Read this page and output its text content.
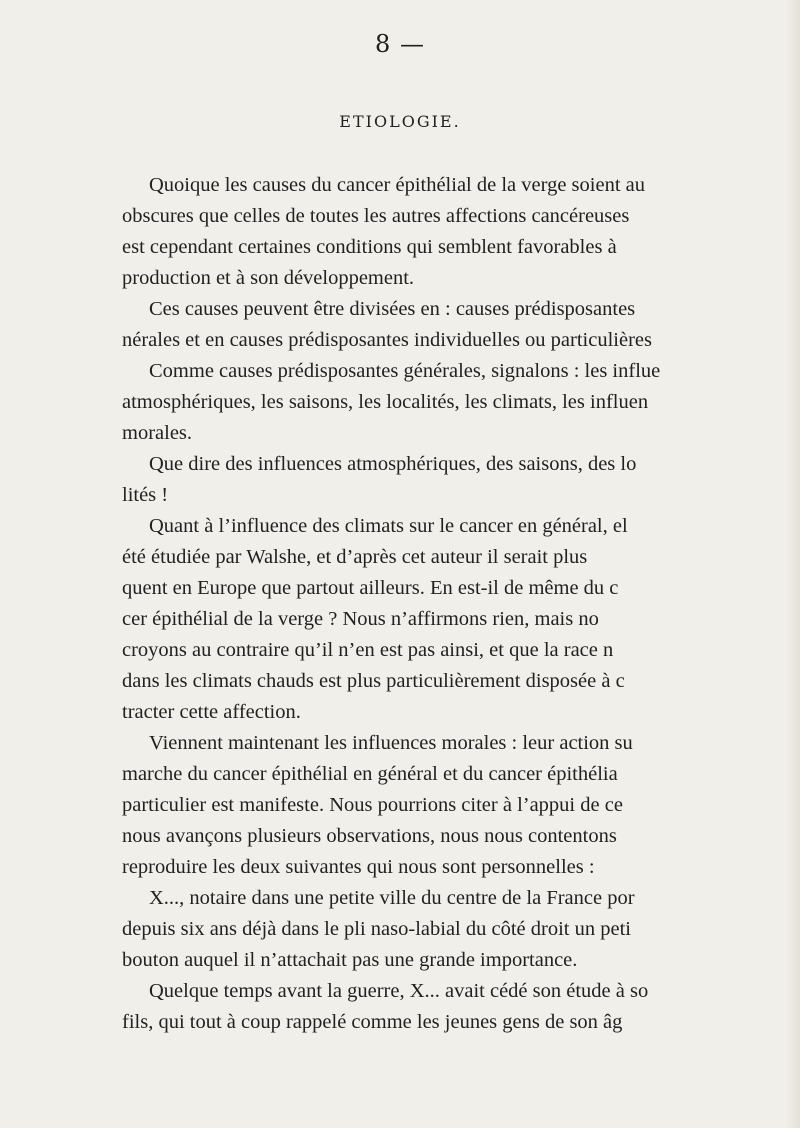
8 —
ETIOLOGIE.
Quoique les causes du cancer épithélial de la verge soient au
obscures que celles de toutes les autres affections cancéreuses
est cependant certaines conditions qui semblent favorables à
production et à son développement.
Ces causes peuvent être divisées en : causes prédisposantes
nérales et en causes prédisposantes individuelles ou particulières
Comme causes prédisposantes générales, signalons : les influe
atmosphériques, les saisons, les localités, les climats, les influen
morales.
Que dire des influences atmosphériques, des saisons, des lo
lités !
Quant à l’influence des climats sur le cancer en général, el
été étudiée par Walshe, et d’après cet auteur il serait plus
quent en Europe que partout ailleurs. En est-il de même du c
cer épithélial de la verge ? Nous n’affirmons rien, mais no
croyons au contraire qu’il n’en est pas ainsi, et que la race n
dans les climats chauds est plus particulièrement disposée à c
tracter cette affection.
Viennent maintenant les influences morales : leur action su
marche du cancer épithélial en général et du cancer épithélia
particulier est manifeste. Nous pourrions citer à l’appui de ce
nous avançons plusieurs observations, nous nous contentons
reproduire les deux suivantes qui nous sont personnelles :
X..., notaire dans une petite ville du centre de la France por
depuis six ans déjà dans le pli naso-labial du côté droit un peti
bouton auquel il n’attachait pas une grande importance.
Quelque temps avant la guerre, X... avait cédé son étude à so
fils, qui tout à coup rappelé comme les jeunes gens de son âg
